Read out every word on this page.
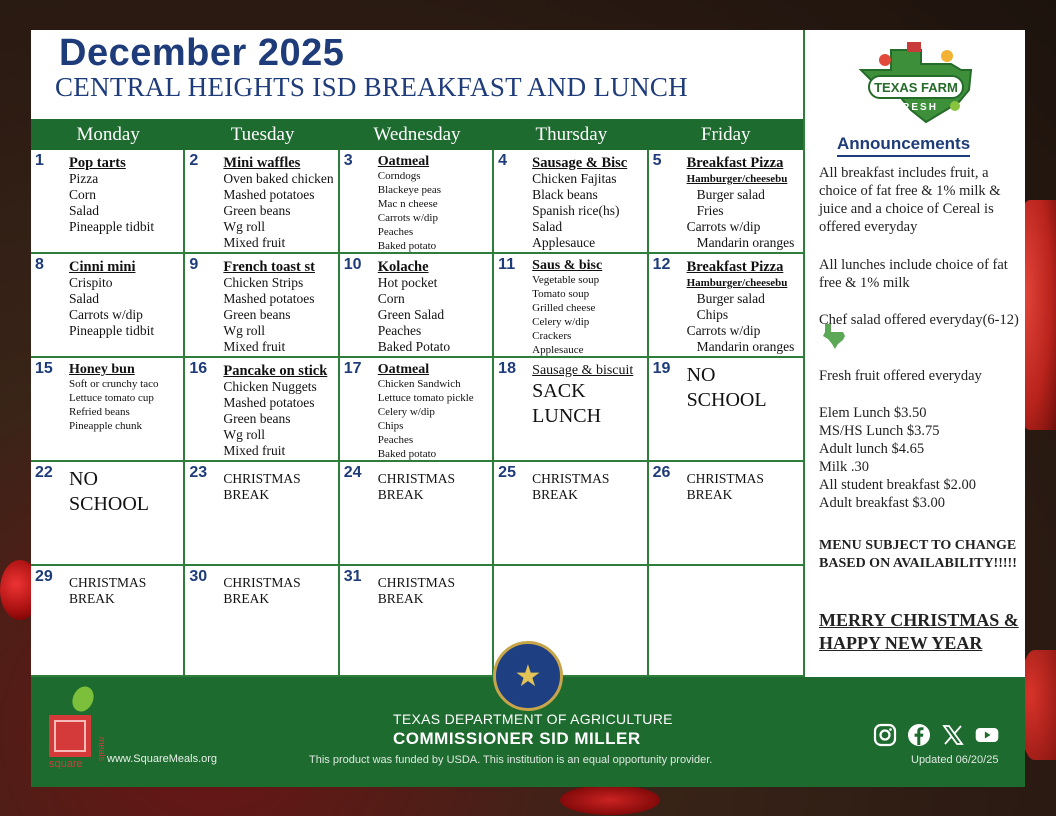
December 2025
CENTRAL HEIGHTS ISD BREAKFAST AND LUNCH
Monday	Tuesday	Wednesday	Thursday	Friday
1 Pop tarts
Pizza
Corn
Salad
Pineapple tidbit
2 Mini waffles
Oven baked chicken
Mashed potatoes
Green beans
Wg roll
Mixed fruit
3 Oatmeal
Corndogs
Blackeye peas
Mac n cheese
Carrots w/dip
Peaches
Baked potato
4 Sausage & Bisc
Chicken Fajitas
Black beans
Spanish rice(hs)
Salad
Applesauce
5 Breakfast Pizza
Hamburger/cheesebu
Burger salad
Fries
Carrots w/dip
Mandarin oranges
8 Cinni mini
Crispito
Salad
Carrots w/dip
Pineapple tidbit
9 French toast st
Chicken Strips
Mashed potatoes
Green beans
Wg roll
Mixed fruit
10 Kolache
Hot pocket
Corn
Green Salad
Peaches
Baked Potato
11 Saus & bisc
Vegetable soup
Tomato soup
Grilled cheese
Celery w/dip
Crackers
Applesauce
12 Breakfast Pizza
Hamburger/cheesebu
Burger salad
Chips
Carrots w/dip
Mandarin oranges
15 Honey bun
Soft or crunchy taco
Lettuce tomato cup
Refried beans
Pineapple chunk
16 Pancake on stick
Chicken Nuggets
Mashed potatoes
Green beans
Wg roll
Mixed fruit
17 Oatmeal
Chicken Sandwich
Lettuce tomato pickle
Celery w/dip
Chips
Peaches
Baked potato
18 Sausage & biscuit
SACK
LUNCH
19 NO
SCHOOL
22 NO
SCHOOL
23 CHRISTMAS
BREAK
24 CHRISTMAS
BREAK
25 CHRISTMAS
BREAK
26 CHRISTMAS
BREAK
29 CHRISTMAS
BREAK
30 CHRISTMAS
BREAK
31 CHRISTMAS
BREAK
TEXAS FARM
FRESH
Announcements
All breakfast includes fruit, a choice of fat free & 1% milk & juice and a choice of Cereal is offered everyday
All lunches include choice of fat free & 1% milk
Chef salad offered everyday(6-12)
Fresh fruit offered everyday
Elem Lunch $3.50
MS/HS Lunch $3.75
Adult lunch $4.65
Milk .30
All student breakfast $2.00
Adult breakfast $3.00
MENU SUBJECT TO CHANGE BASED ON AVAILABILITY!!!!!
MERRY CHRISTMAS & HAPPY NEW YEAR
★
square
meals www.SquareMeals.org
TEXAS DEPARTMENT OF AGRICULTURE
COMMISSIONER SID MILLER
This product was funded by USDA. This institution is an equal opportunity provider.	Updated 06/20/25
